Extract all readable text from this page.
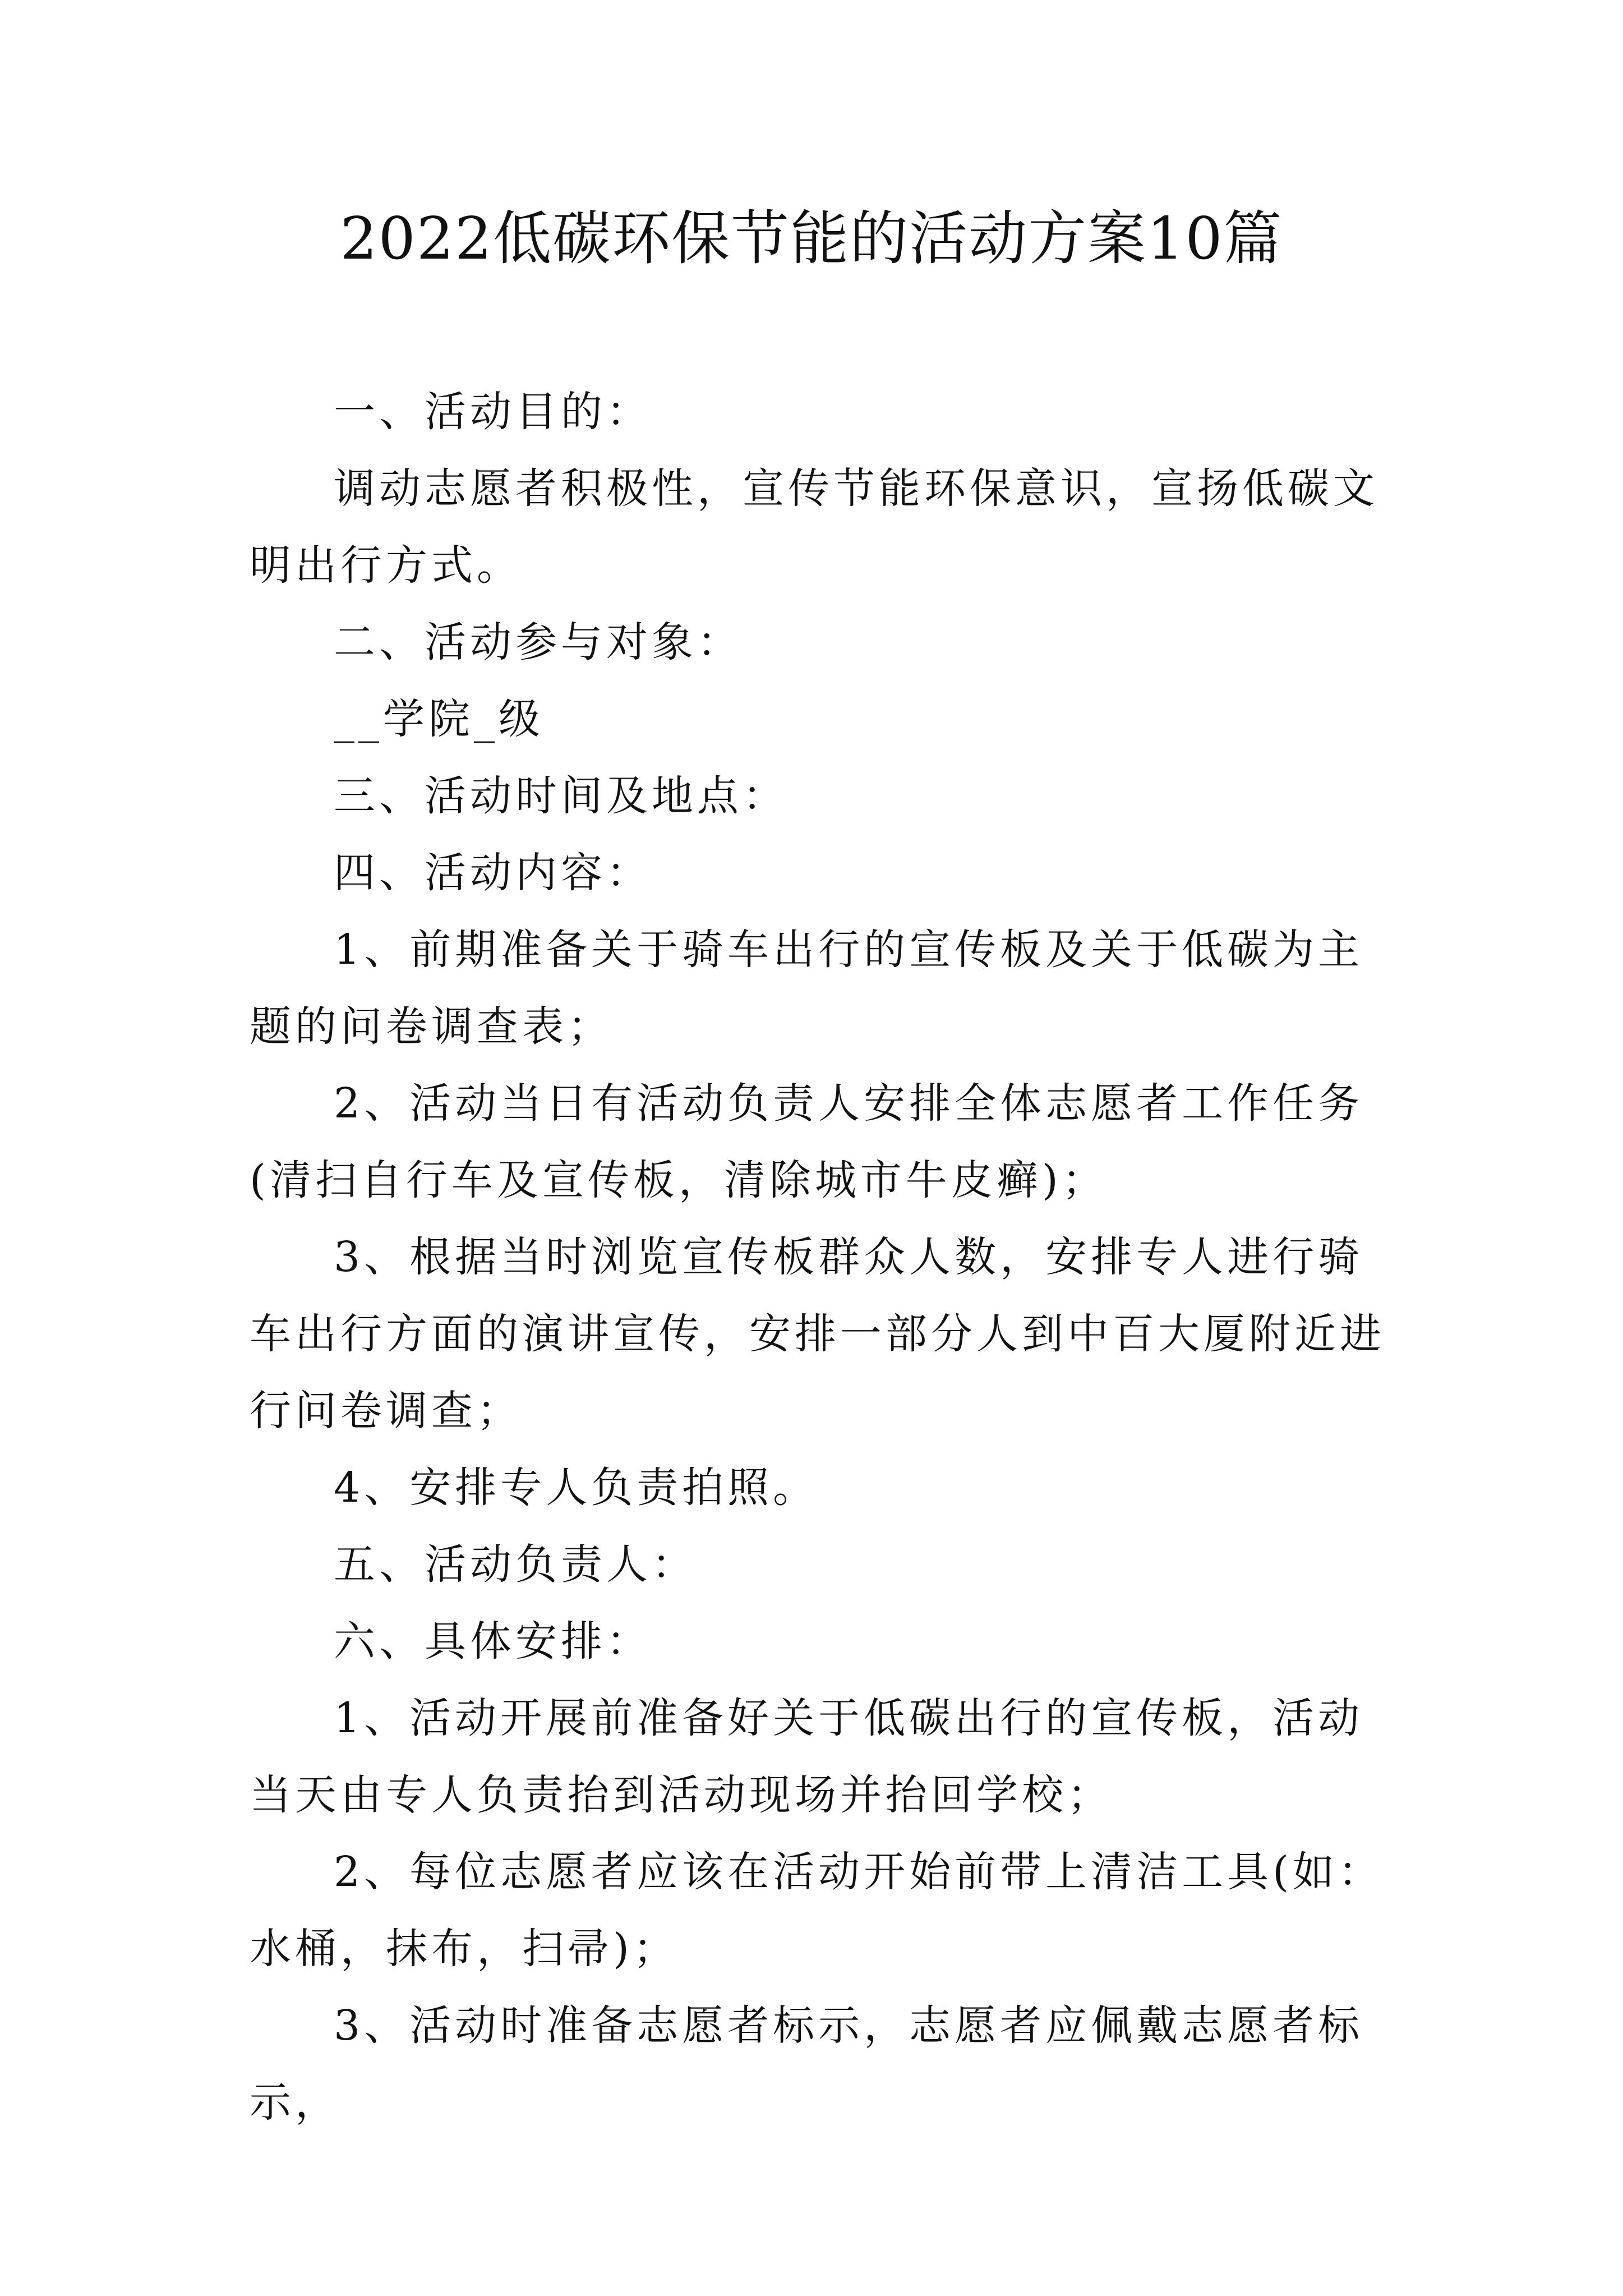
2022低碳环保节能的活动方案10篇

一、活动目的：

调动志愿者积极性，宣传节能环保意识，宣扬低碳文明出行方式。

二、活动参与对象：

__学院_级

三、活动时间及地点：

四、活动内容：

1、前期准备关于骑车出行的宣传板及关于低碳为主题的问卷调查表；

2、活动当日有活动负责人安排全体志愿者工作任务(清扫自行车及宣传板，清除城市牛皮癣)；

3、根据当时浏览宣传板群众人数，安排专人进行骑车出行方面的演讲宣传，安排一部分人到中百大厦附近进行问卷调查；

4、安排专人负责拍照。

五、活动负责人：

六、具体安排：

1、活动开展前准备好关于低碳出行的宣传板，活动当天由专人负责抬到活动现场并抬回学校；

2、每位志愿者应该在活动开始前带上清洁工具(如：水桶，抹布，扫帚)；

3、活动时准备志愿者标示，志愿者应佩戴志愿者标示，
